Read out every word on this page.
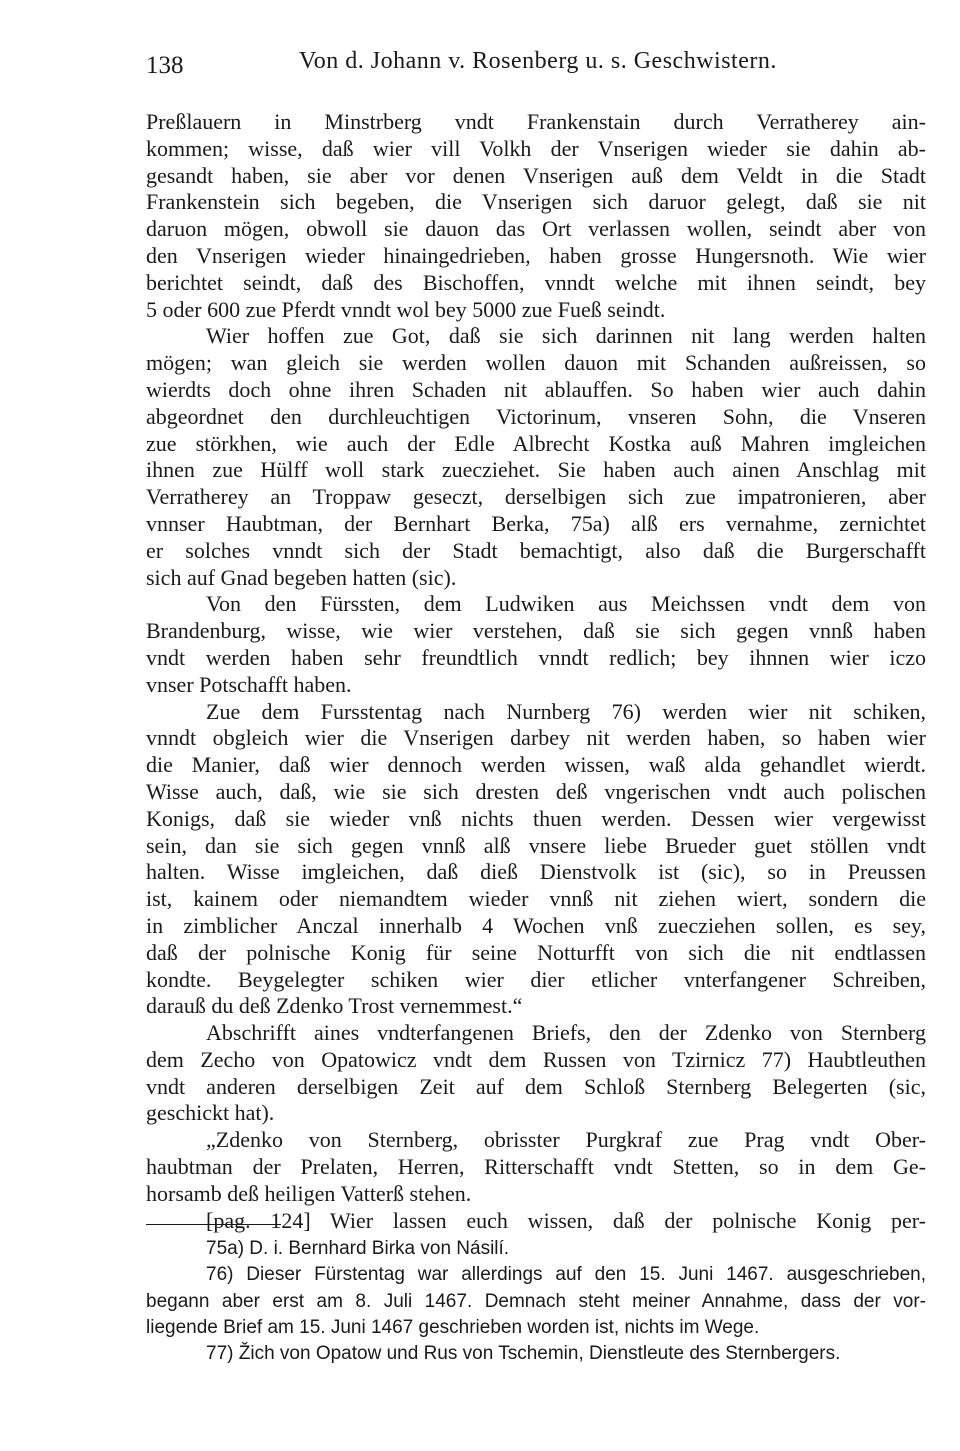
138	Von d. Johann v. Rosenberg u. s. Geschwistern.
Preßlauern in Minstrberg vndt Frankenstain durch Verratherey ain-
kommen; wisse, daß wier vill Volkh der Vnserigen wieder sie dahin ab-
gesandt haben, sie aber vor denen Vnserigen auß dem Veldt in die Stadt
Frankenstein sich begeben, die Vnserigen sich daruor gelegt, daß sie nit
daruon mögen, obwoll sie dauon das Ort verlassen wollen, seindt aber von
den Vnserigen wieder hinaingedrieben, haben grosse Hungersnoth. Wie wier
berichtet seindt, daß des Bischoffen, vnndt welche mit ihnen seindt, bey
5 oder 600 zue Pferdt vnndt wol bey 5000 zue Fueß seindt.
Wier hoffen zue Got, daß sie sich darinnen nit lang werden halten
mögen; wan gleich sie werden wollen dauon mit Schanden außreissen, so
wierdts doch ohne ihren Schaden nit ablauffen. So haben wier auch dahin
abgeordnet den durchleuchtigen Victorinum, vnseren Sohn, die Vnseren
zue störkhen, wie auch der Edle Albrecht Kostka auß Mahren imgleichen
ihnen zue Hülff woll stark zuecziehet. Sie haben auch ainen Anschlag mit
Verratherey an Troppaw geseczt, derselbigen sich zue impatronieren, aber
vnnser Haubtman, der Bernhart Berka, 75a) alß ers vernahme, zernichtet
er solches vnndt sich der Stadt bemachtigt, also daß die Burgerschafft
sich auf Gnad begeben hatten (sic).
Von den Fürssten, dem Ludwiken aus Meichssen vndt dem von
Brandenburg, wisse, wie wier verstehen, daß sie sich gegen vnnß haben
vndt werden haben sehr freundtlich vnndt redlich; bey ihnnen wier iczo
vnser Potschafft haben.
Zue dem Fursstentag nach Nurnberg 76) werden wier nit schiken,
vnndt obgleich wier die Vnserigen darbey nit werden haben, so haben wier
die Manier, daß wier dennoch werden wissen, waß alda gehandlet wierdt.
Wisse auch, daß, wie sie sich dresten deß vngerischen vndt auch polischen
Konigs, daß sie wieder vnß nichts thuen werden. Dessen wier vergewisst
sein, dan sie sich gegen vnnß alß vnsere liebe Brueder guet stöllen vndt
halten. Wisse imgleichen, daß dieß Dienstvolk ist (sic), so in Preussen
ist, kainem oder niemandtem wieder vnnß nit ziehen wiert, sondern die
in zimblicher Anczal innerhalb 4 Wochen vnß zuecziehen sollen, es sey,
daß der polnische Konig für seine Notturfft von sich die nit endtlassen
kondte. Beygelegter schiken wier dier etlicher vnterfangener Schreiben,
darauß du deß Zdenko Trost vernemmest.“
Abschrifft aines vndterfangenen Briefs, den der Zdenko von Sternberg
dem Zecho von Opatowicz vndt dem Russen von Tzirnicz 77) Haubtleuthen
vndt anderen derselbigen Zeit auf dem Schloß Sternberg Belegerten (sic,
geschickt hat).
„Zdenko von Sternberg, obrisster Purgkraf zue Prag vndt Ober-
haubtman der Prelaten, Herren, Ritterschafft vndt Stetten, so in dem Ge-
horsamb deß heiligen Vatterß stehen.
[pag. 124] Wier lassen euch wissen, daß der polnische Konig per-
75a) D. i. Bernhard Birka von Násilí.
76) Dieser Fürstentag war allerdings auf den 15. Juni 1467. ausgeschrieben,
begann aber erst am 8. Juli 1467. Demnach steht meiner Annahme, dass der vor-
liegende Brief am 15. Juni 1467 geschrieben worden ist, nichts im Wege.
77) Žich von Opatow und Rus von Tschemin, Dienstleute des Sternbergers.
